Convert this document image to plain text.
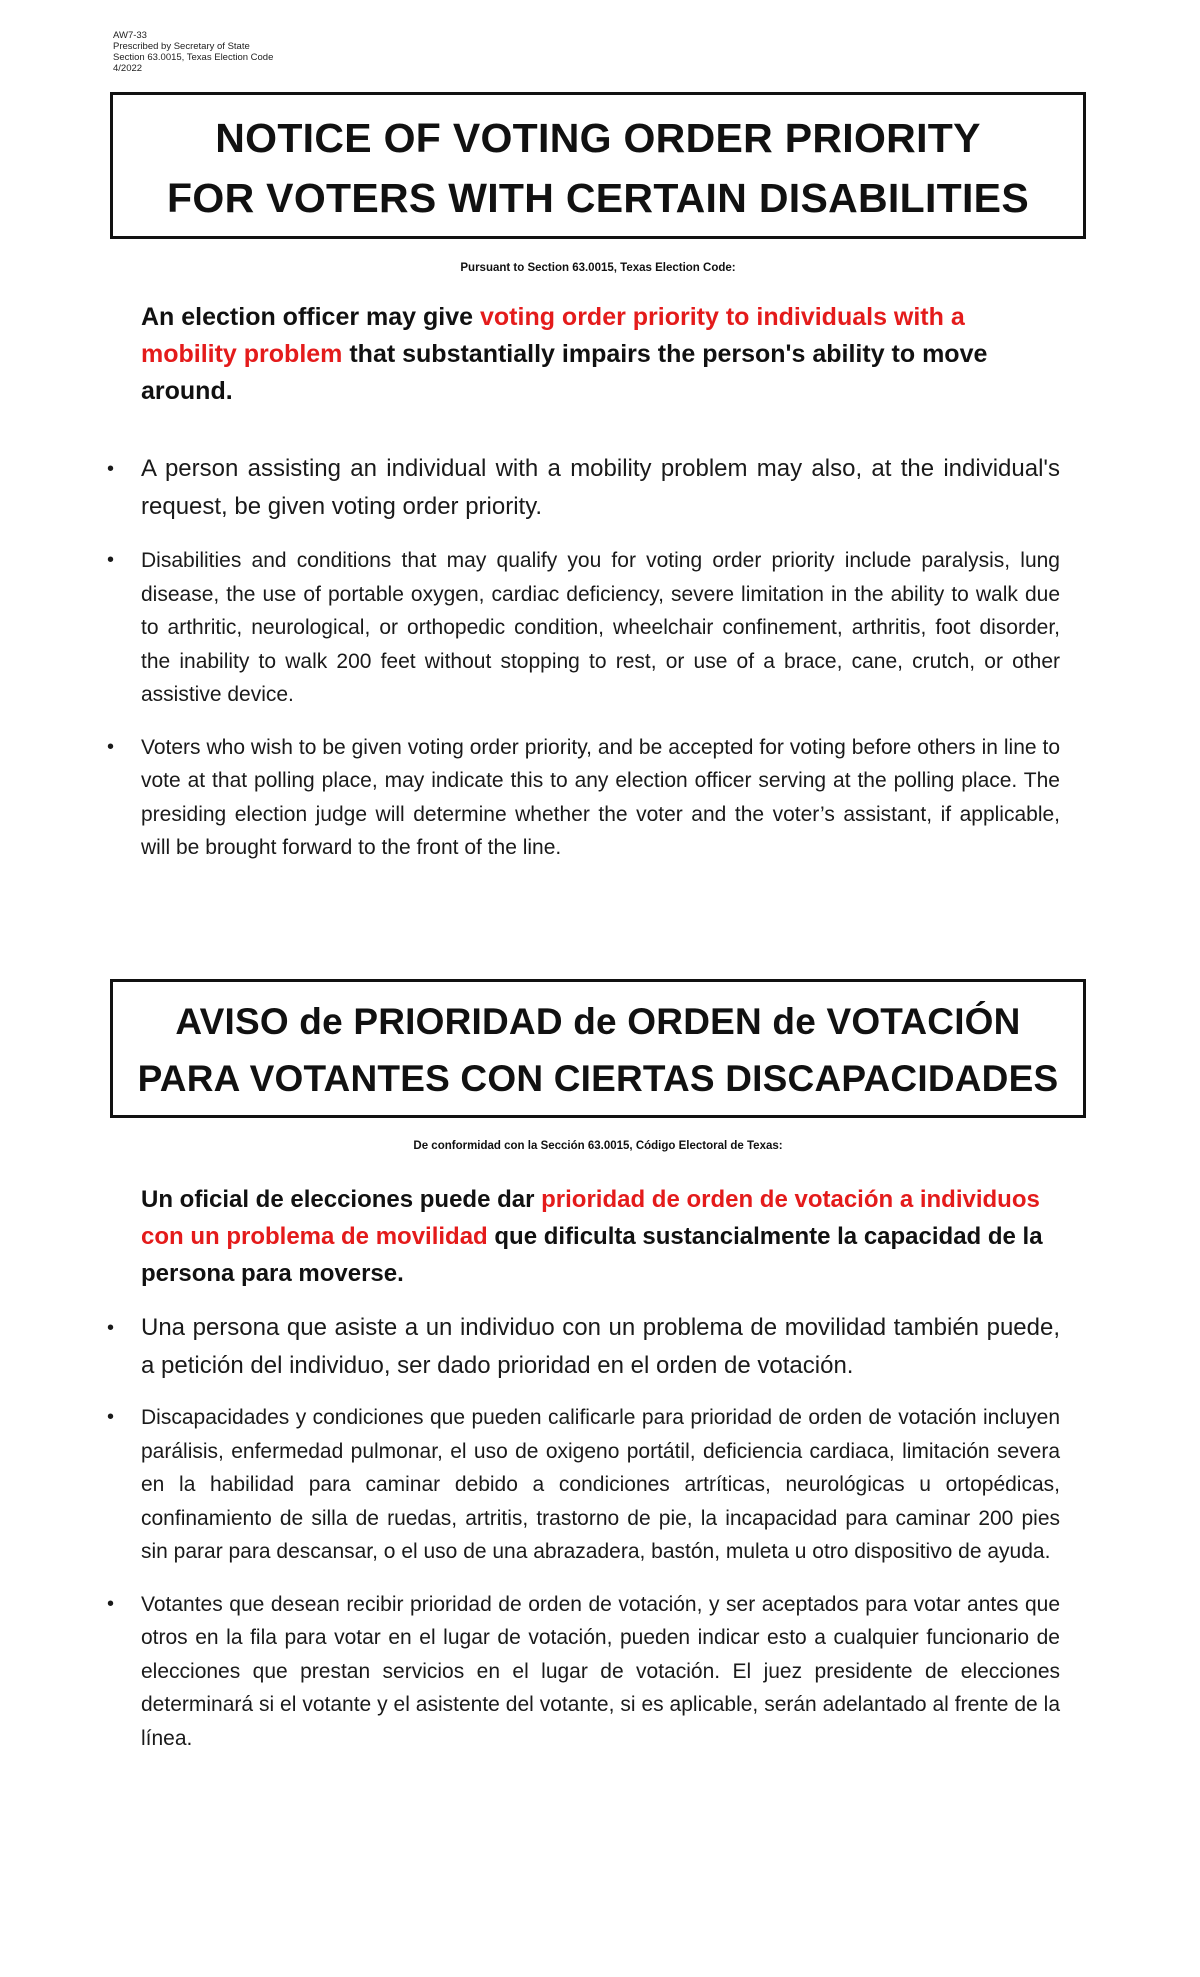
AW7-33
Prescribed by Secretary of State
Section 63.0015, Texas Election Code
4/2022
NOTICE OF VOTING ORDER PRIORITY
FOR VOTERS WITH CERTAIN DISABILITIES
Pursuant to Section 63.0015, Texas Election Code:
An election officer may give voting order priority to individuals with a mobility problem that substantially impairs the person's ability to move around.
• A person assisting an individual with a mobility problem may also, at the individual's request, be given voting order priority.
• Disabilities and conditions that may qualify you for voting order priority include paralysis, lung disease, the use of portable oxygen, cardiac deficiency, severe limitation in the ability to walk due to arthritic, neurological, or orthopedic condition, wheelchair confinement, arthritis, foot disorder, the inability to walk 200 feet without stopping to rest, or use of a brace, cane, crutch, or other assistive device.
• Voters who wish to be given voting order priority, and be accepted for voting before others in line to vote at that polling place, may indicate this to any election officer serving at the polling place. The presiding election judge will determine whether the voter and the voter’s assistant, if applicable, will be brought forward to the front of the line.
AVISO de PRIORIDAD de ORDEN de VOTACIÓN
PARA VOTANTES CON CIERTAS DISCAPACIDADES
De conformidad con la Sección 63.0015, Código Electoral de Texas:
Un oficial de elecciones puede dar prioridad de orden de votación a individuos con un problema de movilidad que dificulta sustancialmente la capacidad de la persona para moverse.
• Una persona que asiste a un individuo con un problema de movilidad también puede, a petición del individuo, ser dado prioridad en el orden de votación.
• Discapacidades y condiciones que pueden calificarle para prioridad de orden de votación incluyen parálisis, enfermedad pulmonar, el uso de oxigeno portátil, deficiencia cardiaca, limitación severa en la habilidad para caminar debido a condiciones artríticas, neurológicas u ortopédicas, confinamiento de silla de ruedas, artritis, trastorno de pie, la incapacidad para caminar 200 pies sin parar para descansar, o el uso de una abrazadera, bastón, muleta u otro dispositivo de ayuda.
• Votantes que desean recibir prioridad de orden de votación, y ser aceptados para votar antes que otros en la fila para votar en el lugar de votación, pueden indicar esto a cualquier funcionario de elecciones que prestan servicios en el lugar de votación. El juez presidente de elecciones determinará si el votante y el asistente del votante, si es aplicable, serán adelantado al frente de la línea.
